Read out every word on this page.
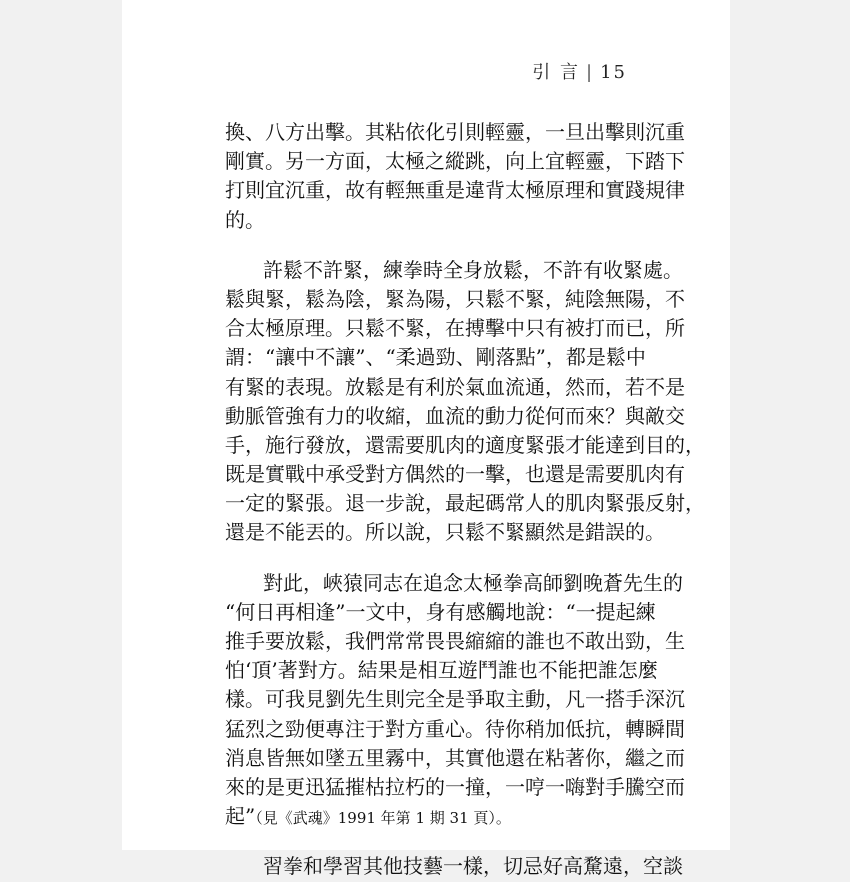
引 言 | 15
換、八方出擊。其粘依化引則輕靈，一旦出擊則沉重
剛實。另一方面，太極之縱跳，向上宜輕靈，下踏下
打則宜沉重，故有輕無重是違背太極原理和實踐規律
的。
許鬆不許緊，練拳時全身放鬆，不許有收緊處。
鬆與緊，鬆為陰，緊為陽，只鬆不緊，純陰無陽，不
合太極原理。只鬆不緊，在搏擊中只有被打而已，所
謂：“讓中不讓”、“柔過勁、剛落點”，都是鬆中
有緊的表現。放鬆是有利於氣血流通，然而，若不是
動脈管強有力的收縮，血流的動力從何而來？與敵交
手，施行發放，還需要肌肉的適度緊張才能達到目的，
既是實戰中承受對方偶然的一擊，也還是需要肌肉有
一定的緊張。退一步說，最起碼常人的肌肉緊張反射，
還是不能丟的。所以說，只鬆不緊顯然是錯誤的。
對此，峽猿同志在追念太極拳高師劉晚蒼先生的
“何日再相逢”一文中，身有感觸地說：“一提起練
推手要放鬆，我們常常畏畏縮縮的誰也不敢出勁，生
怕‘頂’著對方。結果是相互遊鬥誰也不能把誰怎麼
樣。可我見劉先生則完全是爭取主動，凡一搭手深沉
猛烈之勁便專注于對方重心。待你稍加低抗，轉瞬間
消息皆無如墜五里霧中，其實他還在粘著你，繼之而
來的是更迅猛摧枯拉朽的一撞，一哼一嗨對手騰空而
起”（見《武魂》1991 年第 1 期 31 頁）。
習拳和學習其他技藝一樣，切忌好高騖遠，空談
